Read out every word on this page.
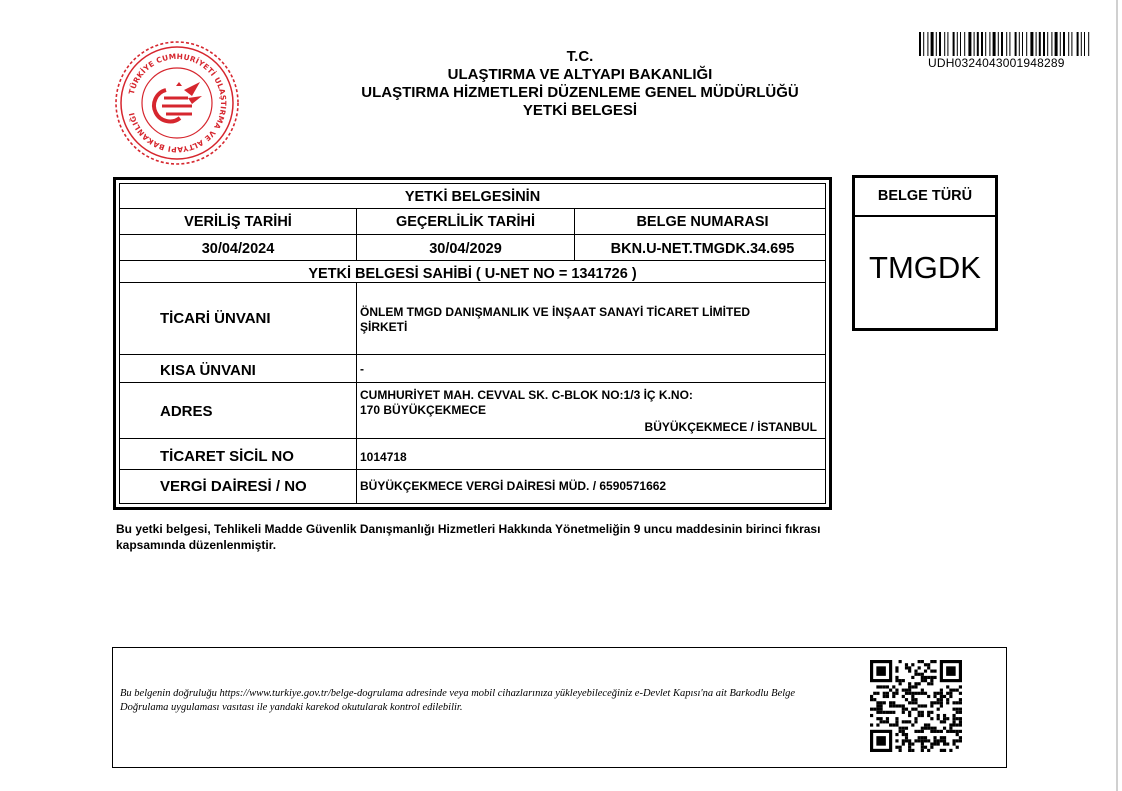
TÜRKİYE CUMHURİYETİ ULAŞTIRMA VE ALTYAPI BAKANLIĞI
T.C.
ULAŞTIRMA VE ALTYAPI BAKANLIĞI
ULAŞTIRMA HİZMETLERİ DÜZENLEME GENEL MÜDÜRLÜĞÜ
YETKİ BELGESİ
UDH0324043001948289
YETKİ BELGESİNİN
VERİLİŞ TARİHİ	GEÇERLİLİK TARİHİ	BELGE NUMARASI
30/04/2024	30/04/2029	BKN.U-NET.TMGDK.34.695
YETKİ BELGESİ SAHİBİ ( U-NET NO = 1341726 )
TİCARİ ÜNVANI	ÖNLEM TMGD DANIŞMANLIK VE İNŞAAT SANAYİ TİCARET LİMİTED ŞİRKETİ
KISA ÜNVANI	-
ADRES
CUMHURİYET MAH. CEVVAL SK. C-BLOK NO:1/3 İÇ K.NO:
170 BÜYÜKÇEKMECE
BÜYÜKÇEKMECE / İSTANBUL
TİCARET SİCİL NO	1014718
VERGİ DAİRESİ / NO	BÜYÜKÇEKMECE VERGİ DAİRESİ MÜD. / 6590571662
BELGE TÜRÜ
TMGDK
Bu yetki belgesi, Tehlikeli Madde Güvenlik Danışmanlığı Hizmetleri Hakkında Yönetmeliğin 9 uncu maddesinin birinci fıkrası kapsamında düzenlenmiştir.
Bu belgenin doğruluğu https://www.turkiye.gov.tr/belge-dogrulama adresinde veya mobil cihazlarınıza yükleyebileceğiniz e-Devlet Kapısı'na ait Barkodlu Belge Doğrulama uygulaması vasıtası ile yandaki karekod okutularak kontrol edilebilir.
